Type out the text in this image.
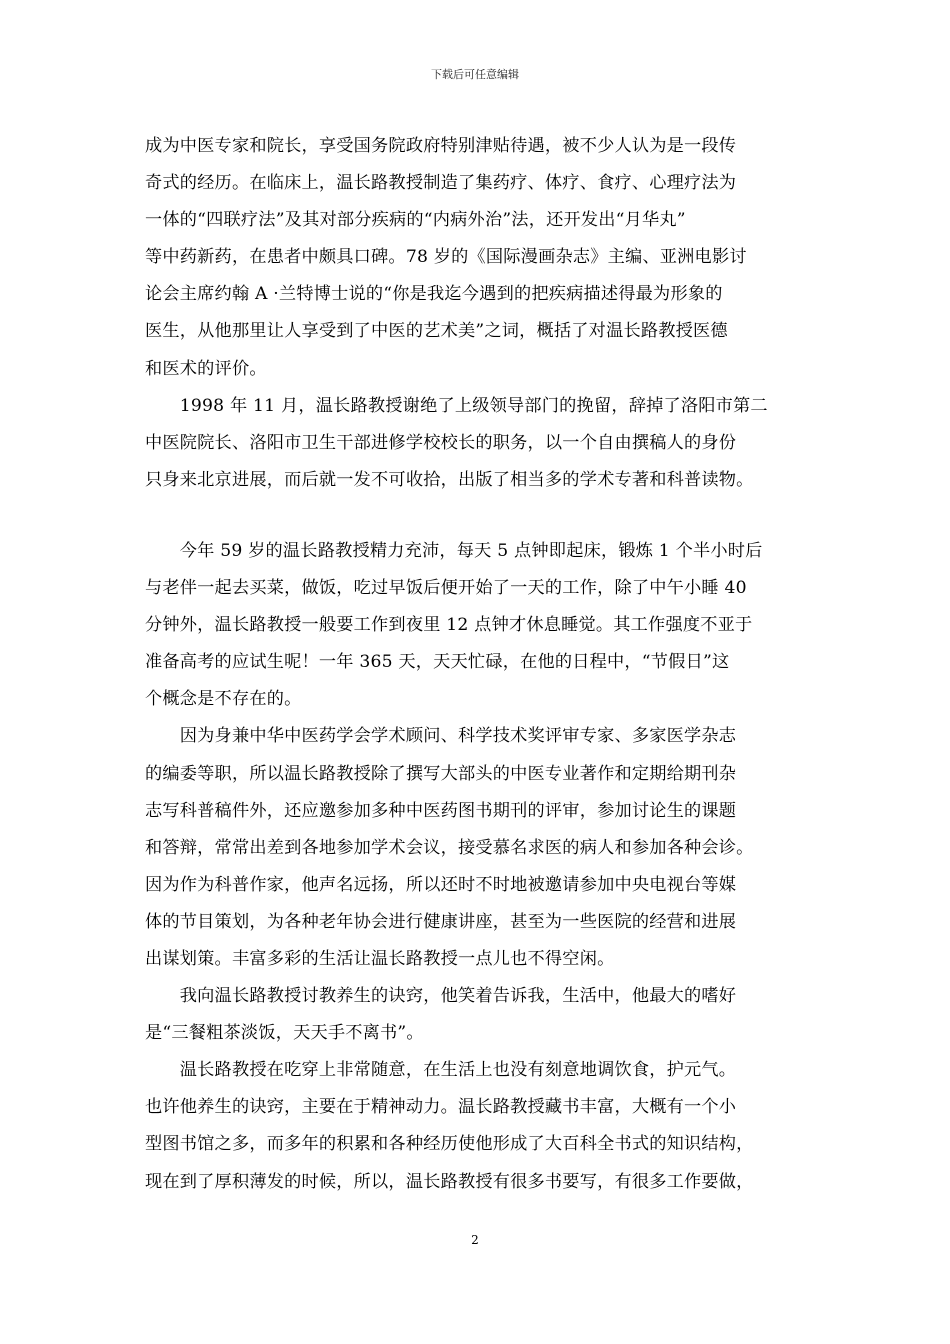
下载后可任意编辑
成为中医专家和院长，享受国务院政府特别津贴待遇，被不少人认为是一段传
奇式的经历。在临床上，温长路教授制造了集药疗、体疗、食疗、心理疗法为
一体的“四联疗法”及其对部分疾病的“内病外治”法，还开发出“月华丸”
等中药新药，在患者中颇具口碑。78 岁的《国际漫画杂志》主编、亚洲电影讨
论会主席约翰 A ·兰特博士说的“你是我迄今遇到的把疾病描述得最为形象的
医生，从他那里让人享受到了中医的艺术美”之词，概括了对温长路教授医德
和医术的评价。
　　1998 年 11 月，温长路教授谢绝了上级领导部门的挽留，辞掉了洛阳市第二
中医院院长、洛阳市卫生干部进修学校校长的职务，以一个自由撰稿人的身份
只身来北京进展，而后就一发不可收拾，出版了相当多的学术专著和科普读物。
　　今年 59 岁的温长路教授精力充沛，每天 5 点钟即起床，锻炼 1 个半小时后
与老伴一起去买菜，做饭，吃过早饭后便开始了一天的工作，除了中午小睡 40
分钟外，温长路教授一般要工作到夜里 12 点钟才休息睡觉。其工作强度不亚于
准备高考的应试生呢！一年 365 天，天天忙碌，在他的日程中，“节假日”这
个概念是不存在的。
　　因为身兼中华中医药学会学术顾问、科学技术奖评审专家、多家医学杂志
的编委等职，所以温长路教授除了撰写大部头的中医专业著作和定期给期刊杂
志写科普稿件外，还应邀参加多种中医药图书期刊的评审，参加讨论生的课题
和答辩，常常出差到各地参加学术会议，接受慕名求医的病人和参加各种会诊。
因为作为科普作家，他声名远扬，所以还时不时地被邀请参加中央电视台等媒
体的节目策划，为各种老年协会进行健康讲座，甚至为一些医院的经营和进展
出谋划策。丰富多彩的生活让温长路教授一点儿也不得空闲。
　　我向温长路教授讨教养生的诀窍，他笑着告诉我，生活中，他最大的嗜好
是“三餐粗茶淡饭，天天手不离书”。
　　温长路教授在吃穿上非常随意，在生活上也没有刻意地调饮食，护元气。
也许他养生的诀窍，主要在于精神动力。温长路教授藏书丰富，大概有一个小
型图书馆之多，而多年的积累和各种经历使他形成了大百科全书式的知识结构，
现在到了厚积薄发的时候，所以，温长路教授有很多书要写，有很多工作要做，
2
